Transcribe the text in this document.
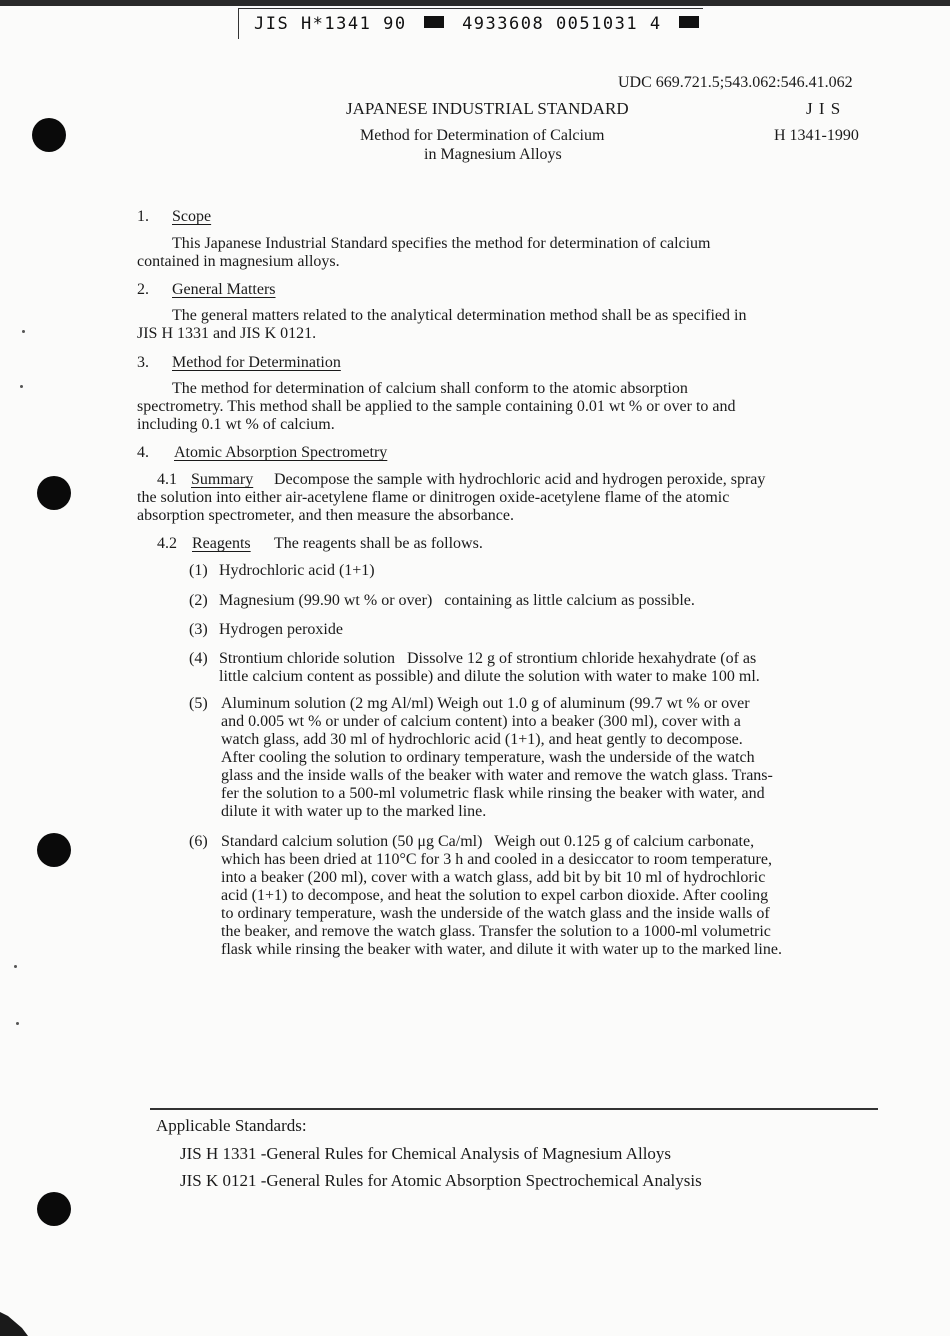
JIS H*1341 90	4933608 0051031 4
UDC 669.721.5;543.062:546.41.062
JAPANESE INDUSTRIAL STANDARD	J I S
Method for Determination of Calcium
in Magnesium Alloys
H 1341-1990
1. Scope
This Japanese Industrial Standard specifies the method for determination of calcium
contained in magnesium alloys.
2. General Matters
The general matters related to the analytical determination method shall be as specified in
JIS H 1331 and JIS K 0121.
3. Method for Determination
The method for determination of calcium shall conform to the atomic absorption
spectrometry. This method shall be applied to the sample containing 0.01 wt % or over to and
including 0.1 wt % of calcium.
4. Atomic Absorption Spectrometry
4.1 Summary Decompose the sample with hydrochloric acid and hydrogen peroxide, spray
the solution into either air-acetylene flame or dinitrogen oxide-acetylene flame of the atomic
absorption spectrometer, and then measure the absorbance.
4.2 Reagents The reagents shall be as follows.
(1) Hydrochloric acid (1+1)
(2) Magnesium (99.90 wt % or over)   containing as little calcium as possible.
(3) Hydrogen peroxide
(4) Strontium chloride solution   Dissolve 12 g of strontium chloride hexahydrate (of as
little calcium content as possible) and dilute the solution with water to make 100 ml.
(5) Aluminum solution (2 mg Al/ml) Weigh out 1.0 g of aluminum (99.7 wt % or over
and 0.005 wt % or under of calcium content) into a beaker (300 ml), cover with a
watch glass, add 30 ml of hydrochloric acid (1+1), and heat gently to decompose.
After cooling the solution to ordinary temperature, wash the underside of the watch
glass and the inside walls of the beaker with water and remove the watch glass. Trans-
fer the solution to a 500-ml volumetric flask while rinsing the beaker with water, and
dilute it with water up to the marked line.
(6) Standard calcium solution (50 μg Ca/ml)   Weigh out 0.125 g of calcium carbonate,
which has been dried at 110°C for 3 h and cooled in a desiccator to room temperature,
into a beaker (200 ml), cover with a watch glass, add bit by bit 10 ml of hydrochloric
acid (1+1) to decompose, and heat the solution to expel carbon dioxide. After cooling
to ordinary temperature, wash the underside of the watch glass and the inside walls of
the beaker, and remove the watch glass. Transfer the solution to a 1000-ml volumetric
flask while rinsing the beaker with water, and dilute it with water up to the marked line.
Applicable Standards:
JIS H 1331 -General Rules for Chemical Analysis of Magnesium Alloys
JIS K 0121 -General Rules for Atomic Absorption Spectrochemical Analysis
